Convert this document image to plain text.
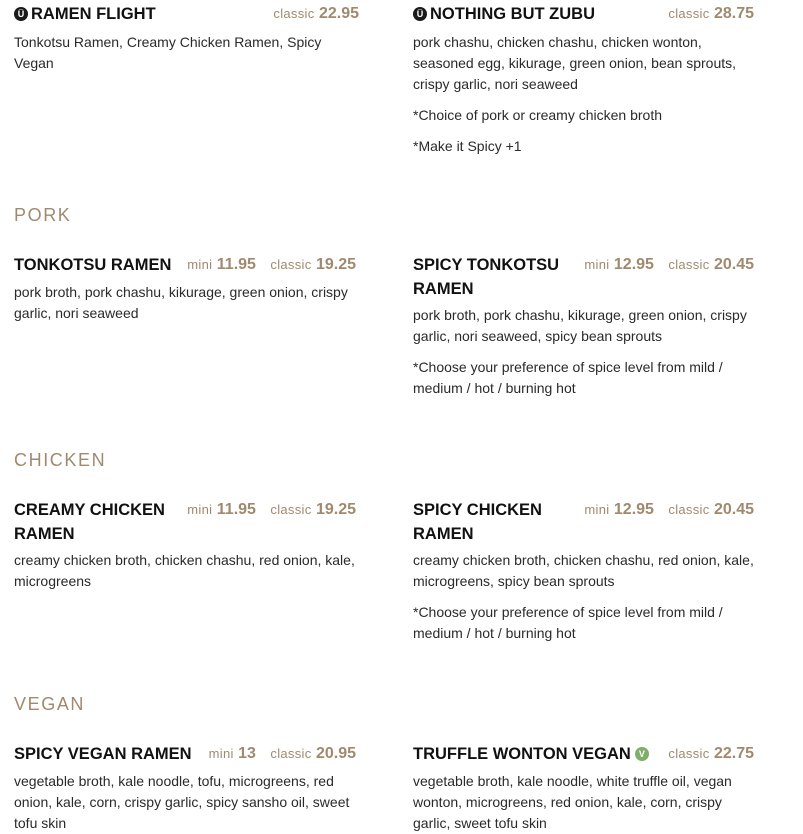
Ü RAMEN FLIGHT	classic 22.95

Tonkotsu Ramen, Creamy Chicken Ramen, Spicy Vegan

Ü NOTHING BUT ZUBU	classic 28.75

pork chashu, chicken chashu, chicken wonton, seasoned egg, kikurage, green onion, bean sprouts, crispy garlic, nori seaweed

*Choice of pork or creamy chicken broth

*Make it Spicy +1

PORK
TONKOTSU RAMEN mini 11.95 classic 19.25

pork broth, pork chashu, kikurage, green onion, crispy garlic, nori seaweed

SPICY TONKOTSU
RAMEN
mini 12.95 classic 20.45

pork broth, pork chashu, kikurage, green onion, crispy garlic, nori seaweed, spicy bean sprouts

*Choose your preference of spice level from mild / medium / hot / burning hot

CHICKEN
CREAMY CHICKEN
RAMEN
mini 11.95 classic 19.25

creamy chicken broth, chicken chashu, red onion, kale, microgreens

SPICY CHICKEN
RAMEN
mini 12.95 classic 20.45

creamy chicken broth, chicken chashu, red onion, kale, microgreens, spicy bean sprouts

*Choose your preference of spice level from mild / medium / hot / burning hot

VEGAN
SPICY VEGAN RAMEN mini 13 classic 20.95

vegetable broth, kale noodle, tofu, microgreens, red onion, kale, corn, crispy garlic, spicy sansho oil, sweet tofu skin

TRUFFLE WONTON VEGAN V classic 22.75

vegetable broth, kale noodle, white truffle oil, vegan wonton, microgreens, red onion, kale, corn, crispy garlic, sweet tofu skin
